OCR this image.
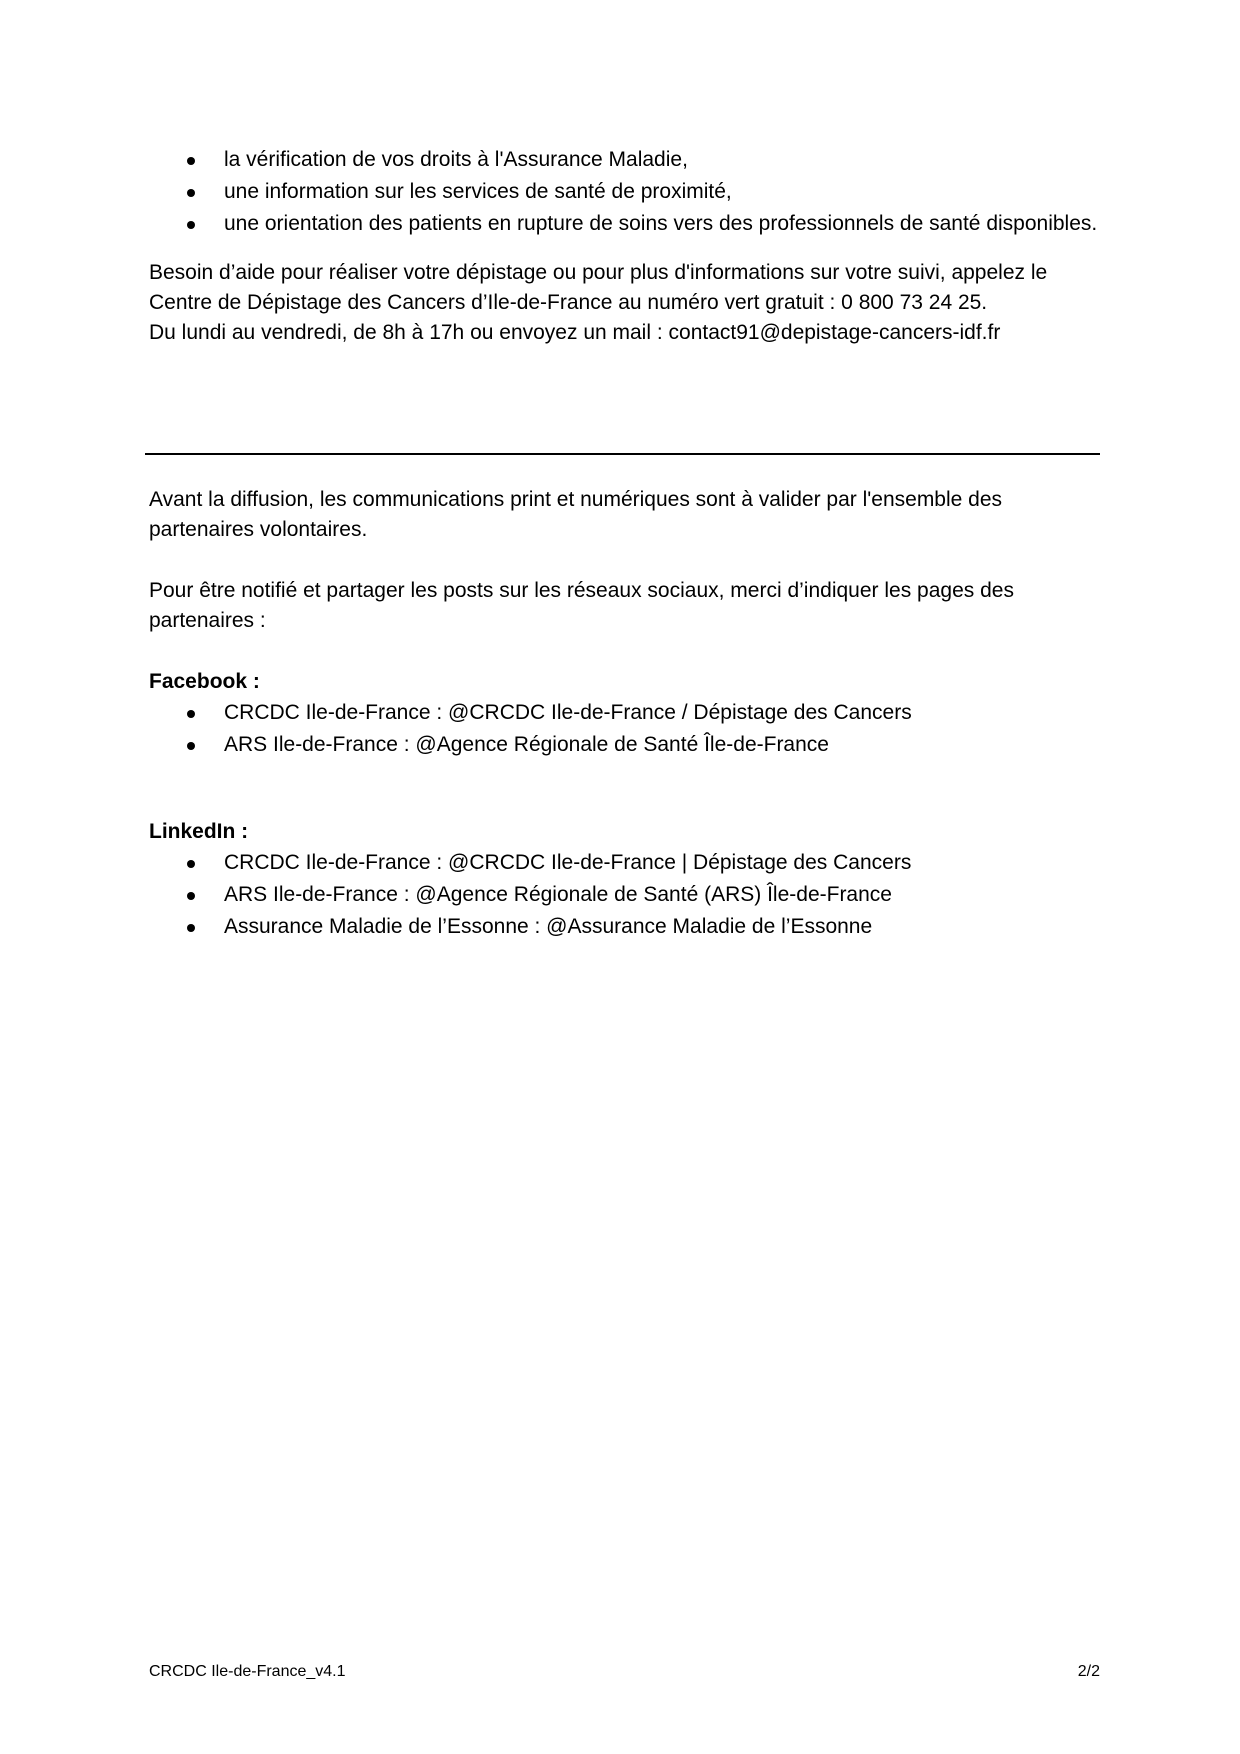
la vérification de vos droits à l'Assurance Maladie,
une information sur les services de santé de proximité,
une orientation des patients en rupture de soins vers des professionnels de santé disponibles.

Besoin d’aide pour réaliser votre dépistage ou pour plus d'informations sur votre suivi, appelez le Centre de Dépistage des Cancers d’Ile-de-France au numéro vert gratuit : 0 800 73 24 25.

Du lundi au vendredi, de 8h à 17h ou envoyez un mail : contact91@depistage-cancers-idf.fr

Avant la diffusion, les communications print et numériques sont à valider par l'ensemble des partenaires volontaires.

Pour être notifié et partager les posts sur les réseaux sociaux, merci d’indiquer les pages des partenaires :

Facebook :

CRCDC Ile-de-France : @CRCDC Ile-de-France / Dépistage des Cancers
ARS Ile-de-France : @Agence Régionale de Santé Île-de-France

LinkedIn :

CRCDC Ile-de-France : @CRCDC Ile-de-France | Dépistage des Cancers
ARS Ile-de-France : @Agence Régionale de Santé (ARS) Île-de-France
Assurance Maladie de l’Essonne : @Assurance Maladie de l’Essonne
CRCDC Ile-de-France_v4.1	2/2
